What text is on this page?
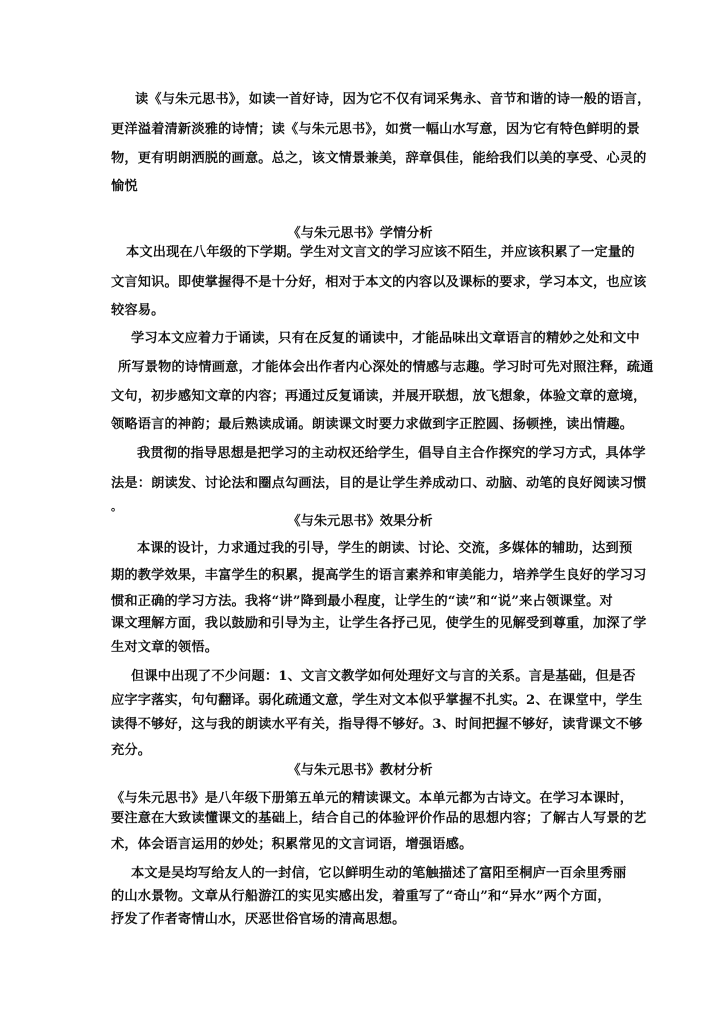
读《与朱元思书》，如读一首好诗，因为它不仅有词采隽永、音节和谐的诗一般的语言，
更洋溢着清新淡雅的诗情；读《与朱元思书》，如赏一幅山水写意，因为它有特色鲜明的景
物，更有明朗洒脱的画意。总之，该文情景兼美，辞章俱佳，能给我们以美的享受、心灵的
愉悦
《与朱元思书》学情分析
本文出现在八年级的下学期。学生对文言文的学习应该不陌生，并应该积累了一定量的
文言知识。即使掌握得不是十分好，相对于本文的内容以及课标的要求，学习本文，也应该
较容易。
学习本文应着力于诵读，只有在反复的诵读中，才能品味出文章语言的精妙之处和文中
所写景物的诗情画意，才能体会出作者内心深处的情感与志趣。学习时可先对照注释，疏通
文句，初步感知文章的内容；再通过反复诵读，并展开联想，放飞想象，体验文章的意境，
领略语言的神韵；最后熟读成诵。朗读课文时要力求做到字正腔圆、扬顿挫，读出情趣。
我贯彻的指导思想是把学习的主动权还给学生，倡导自主合作探究的学习方式，具体学
法是：朗读发、讨论法和圈点勾画法，目的是让学生养成动口、动脑、动笔的良好阅读习惯
。
《与朱元思书》效果分析
本课的设计，力求通过我的引导，学生的朗读、讨论、交流，多媒体的辅助，达到预
期的教学效果，丰富学生的积累，提高学生的语言素养和审美能力，培养学生良好的学习习
惯和正确的学习方法。我将“讲”降到最小程度，让学生的“读”和“说”来占领课堂。对
课文理解方面，我以鼓励和引导为主，让学生各抒己见，使学生的见解受到尊重，加深了学
生对文章的领悟。
但课中出现了不少问题：1、文言文教学如何处理好文与言的关系。言是基础，但是否
应字字落实，句句翻译。弱化疏通文意，学生对文本似乎掌握不扎实。2、在课堂中，学生
读得不够好，这与我的朗读水平有关，指导得不够好。3、时间把握不够好，读背课文不够
充分。
《与朱元思书》教材分析
《与朱元思书》是八年级下册第五单元的精读课文。本单元都为古诗文。在学习本课时，
要注意在大致读懂课文的基础上，结合自己的体验评价作品的思想内容；了解古人写景的艺
术，体会语言运用的妙处；积累常见的文言词语，增强语感。
本文是吴均写给友人的一封信，它以鲜明生动的笔触描述了富阳至桐庐一百余里秀丽
的山水景物。文章从行船游江的实见实感出发，着重写了“奇山”和“异水”两个方面，
抒发了作者寄情山水，厌恶世俗官场的清高思想。
